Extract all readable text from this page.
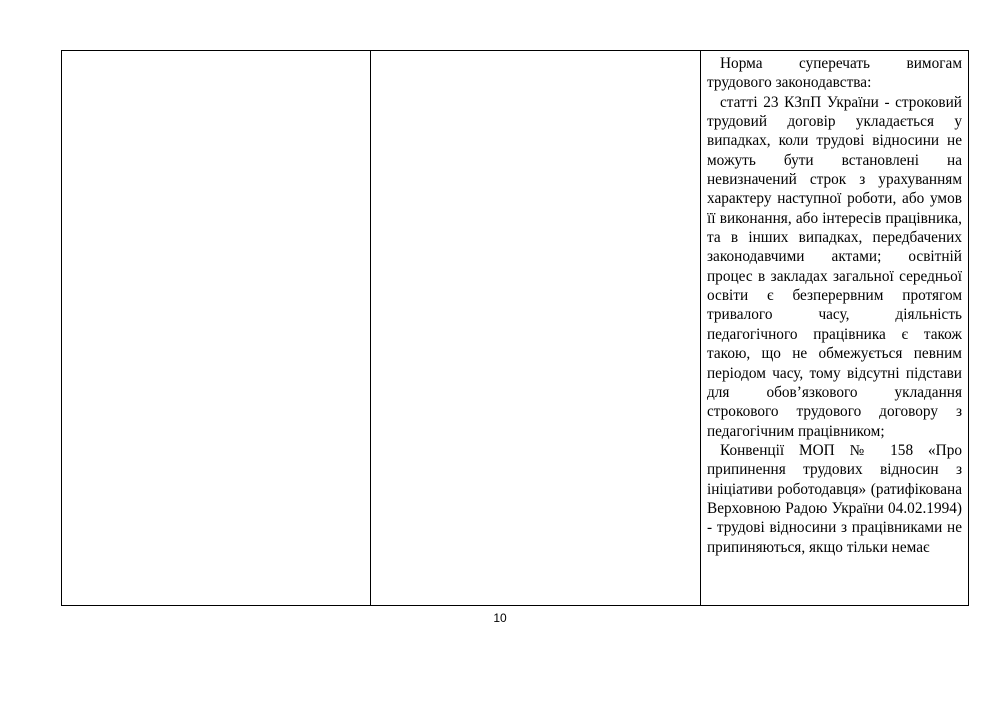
Норма суперечать вимогам трудового законодавства:

статті 23 КЗпП України - строковий трудовий договір укладається у випадках, коли трудові відносини не можуть бути встановлені на невизначений строк з урахуванням характеру наступної роботи, або умов її виконання, або інтересів працівника, та в інших випадках, передбачених законодавчими актами; освітній процес в закладах загальної середньої освіти є безперервним протягом тривалого часу, діяльність педагогічного працівника є також такою, що не обмежується певним періодом часу, тому відсутні підстави для обов’язкового укладання строкового трудового договору з педагогічним працівником;

Конвенції МОП № 158 «Про припинення трудових відносин з ініціативи роботодавця» (ратифікована Верховною Радою України 04.02.1994) - трудові відносини з працівниками не припиняються, якщо тільки немає

10
